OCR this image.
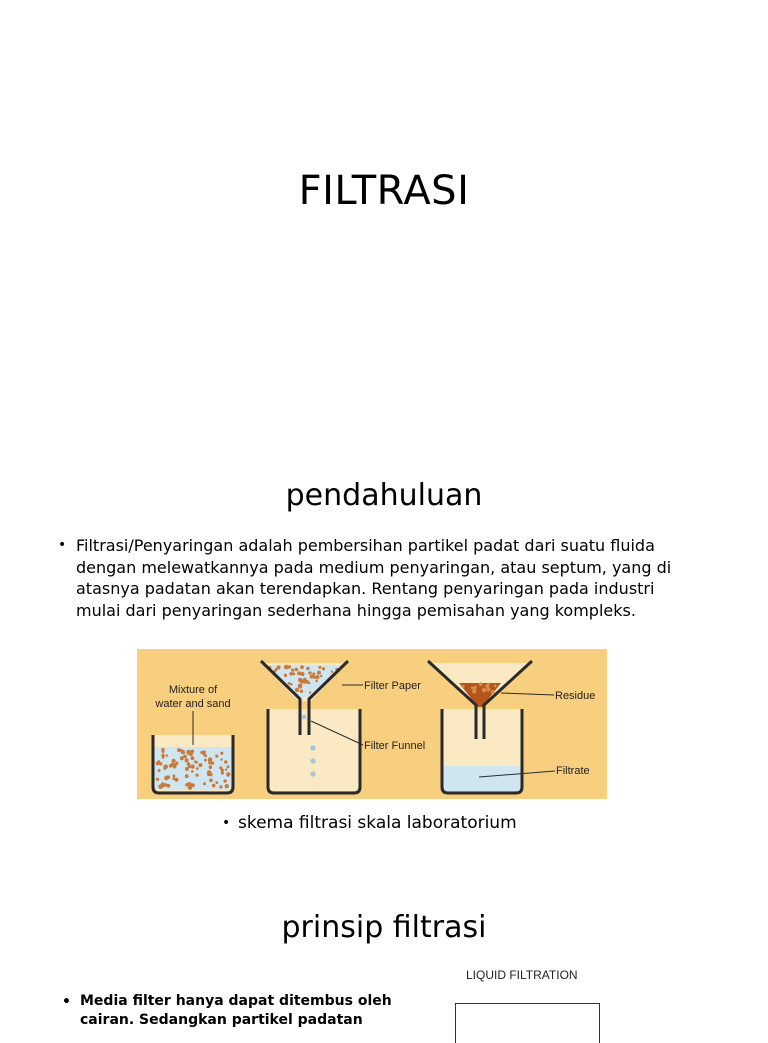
FILTRASI
pendahuluan
• Filtrasi/Penyaringan adalah pembersihan partikel padat dari suatu fluida dengan melewatkannya pada medium penyaringan, atau septum, yang di atasnya padatan akan terendapkan. Rentang penyaringan pada industri mulai dari penyaringan sederhana hingga pemisahan yang kompleks.
Mixture of
water and sand
Filter Paper
Filter Funnel
Residue
Filtrate
• skema filtrasi skala laboratorium
prinsip filtrasi
LIQUID FILTRATION
• Media filter hanya dapat ditembus oleh cairan. Sedangkan partikel padatan
